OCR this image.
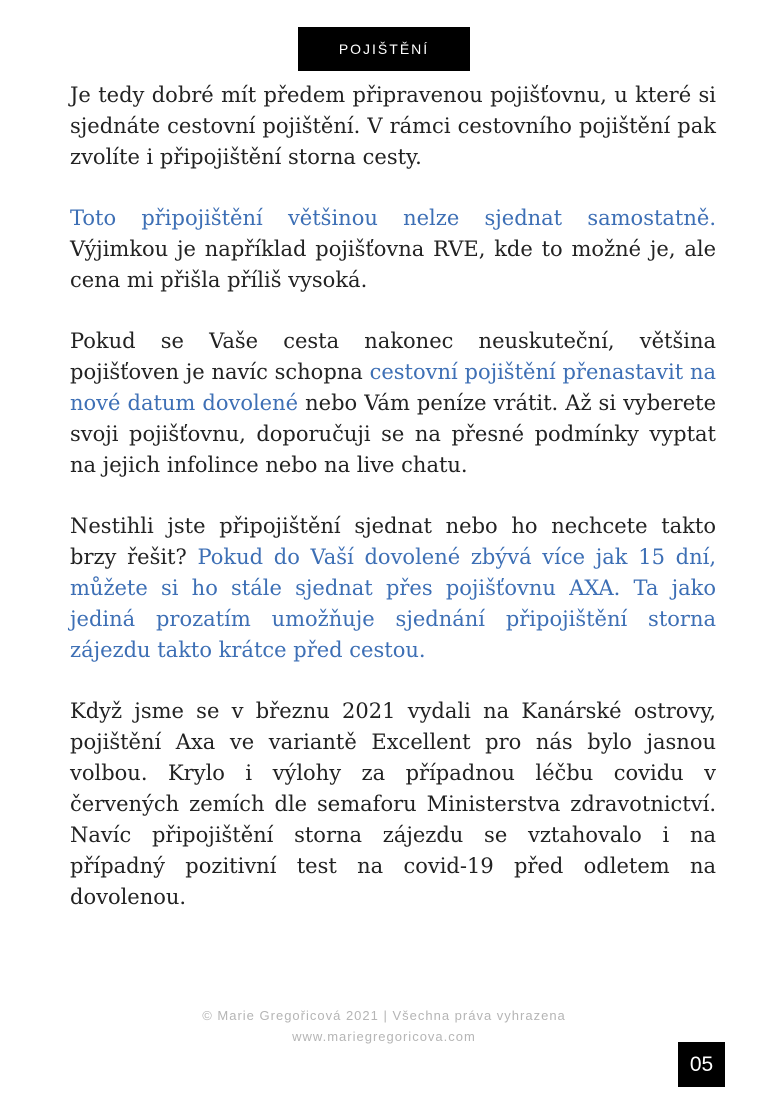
POJIŠTĚNÍ

Je tedy dobré mít předem připravenou pojišťovnu, u které si sjednáte cestovní pojištění. V rámci cestovního pojištění pak zvolíte i připojištění storna cesty.

Toto připojištění většinou nelze sjednat samostatně. Výjimkou je například pojišťovna RVE, kde to možné je, ale cena mi přišla příliš vysoká.

Pokud se Vaše cesta nakonec neuskuteční, většina pojišťoven je navíc schopna cestovní pojištění přenastavit na nové datum dovolené nebo Vám peníze vrátit. Až si vyberete svoji pojišťovnu, doporučuji se na přesné podmínky vyptat na jejich infolince nebo na live chatu.

Nestihli jste připojištění sjednat nebo ho nechcete takto brzy řešit? Pokud do Vaší dovolené zbývá více jak 15 dní, můžete si ho stále sjednat přes pojišťovnu AXA. Ta jako jediná prozatím umožňuje sjednání připojištění storna zájezdu takto krátce před cestou.

Když jsme se v březnu 2021 vydali na Kanárské ostrovy, pojištění Axa ve variantě Excellent pro nás bylo jasnou volbou. Krylo i výlohy za případnou léčbu covidu v červených zemích dle semaforu Ministerstva zdravotnictví. Navíc připojištění storna zájezdu se vztahovalo i na případný pozitivní test na covid-19 před odletem na dovolenou.

© Marie Gregořicová 2021 | Všechna práva vyhrazena
www.mariegregoricova.com
05
